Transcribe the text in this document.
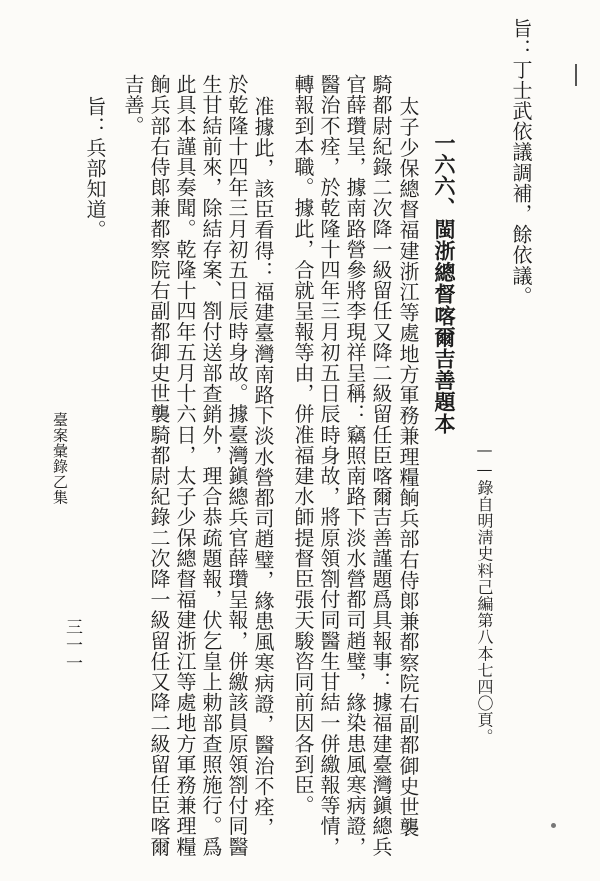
旨：丁士武依議調補，餘依議。
——錄自明淸史料己編第八本七四〇頁。
一六六、閩浙總督喀爾吉善題本
太子少保總督福建浙江等處地方軍務兼理糧餉兵部右侍郞兼都察院右副都御史世襲
騎都尉紀錄二次降一級留任又降二級留任臣喀爾吉善謹題爲具報事：據福建臺灣鎭總兵
官薛瓚呈，據南路營參將李現祥呈稱：竊照南路下淡水營都司趙璧，緣染患風寒病證，
醫治不痊，於乾隆十四年三月初五日辰時身故，將原領劄付同醫生甘結一併繳報等情，
轉報到本職。據此，合就呈報等由，併准福建水師提督臣張天駿咨同前因各到臣。
准據此，該臣看得：福建臺灣南路下淡水營都司趙璧，緣患風寒病證，醫治不痊，
於乾隆十四年三月初五日辰時身故。據臺灣鎭總兵官薛瓚呈報，併繳該員原領劄付同醫
生甘結前來，除結存案、劄付送部查銷外，理合恭疏題報，伏乞皇上勅部查照施行。爲
此具本謹具奏聞。乾隆十四年五月十六日，太子少保總督福建浙江等處地方軍務兼理糧
餉兵部右侍郞兼都察院右副都御史世襲騎都尉紀錄二次降一級留任又降二級留任臣喀爾
吉善。
旨：兵部知道。
臺案彙錄乙集
三一一
